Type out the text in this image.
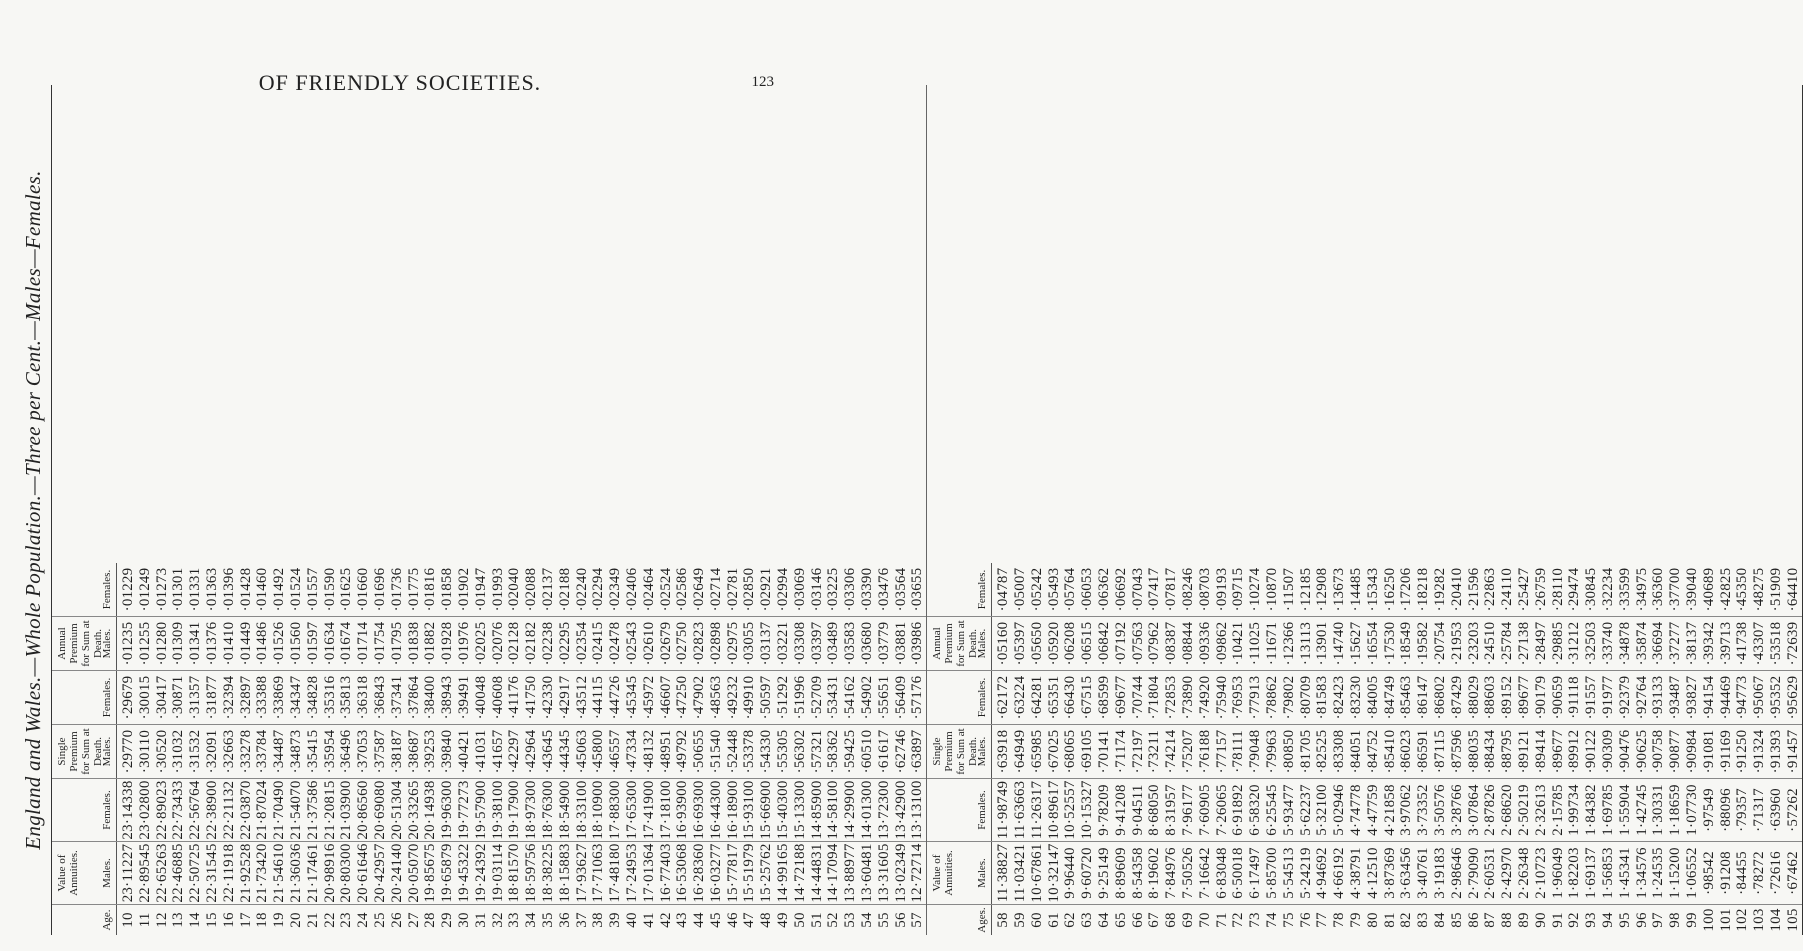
OF FRIENDLY SOCIETIES.	123
England and Wales.—Whole Population.—Three per Cent.—Males—Females.
Age. 10 11 12 13 14 15 16 17 18 19 20 21 22 23 24 25 26 27 28 29 30 31 32 33 34 35 36 37 38 39 40 41 42 43 44 45 46 47 48 49 50 51 52 53 54 55 56 57
Value of Annuities. Males. 23·11227 22·89545 22·65263 22·46885 22·50725 22·31545 22·11918 21·92528 21·73420 21·54610 21·36036 21·17461 20·98916 20·80300 20·61646 20·42957 20·24140 20·05070 19·85675 19·65879 19·45322 19·24392 19·03114 18·81570 18·59756 18·38225 18·15883 17·93627 17·71063 17·48180 17·24953 17·01364 16·77403 16·53068 16·28360 16·03277 15·77817 15·51979 15·25762 14·99165 14·72188 14·44831 14·17094 13·88977 13·60481 13·31605 13·02349 12·72714
Females. 23·14338 23·02800 22·89023 22·73433 22·56764 22·38900 22·21132 22·03870 21·87024 21·70490 21·54070 21·37586 21·20815 21·03900 20·86560 20·69080 20·51304 20·33265 20·14938 19·96300 19·77273 19·57900 19·38100 19·17900 18·97300 18·76300 18·54900 18·33100 18·10900 17·88300 17·65300 17·41900 17·18100 16·93900 16·69300 16·44300 16·18900 15·93100 15·66900 15·40300 15·13300 14·85900 14·58100 14·29900 14·01300 13·72300 13·42900 13·13100
Single Premium for Sum at Death.
Males. ·29770 ·30110 ·30520 ·31032 ·31532 ·32091 ·32663 ·33278 ·33784 ·34487 ·34873 ·35415 ·35954 ·36496 ·37053 ·37587 ·38187 ·38687 ·39253 ·39840 ·40421 ·41031 ·41657 ·42297 ·42964 ·43645 ·44345 ·45063 ·45800 ·46557 ·47334 ·48132 ·48951 ·49792 ·50655 ·51540 ·52448 ·53378 ·54330 ·55305 ·56302 ·57321 ·58362 ·59425 ·60510 ·61617 ·62746 ·63897
Females. ·29679 ·30015 ·30417 ·30871 ·31357 ·31877 ·32394 ·32897 ·33388 ·33869 ·34347 ·34828 ·35316 ·35813 ·36318 ·36843 ·37341 ·37864 ·38400 ·38943 ·39491 ·40048 ·40608 ·41176 ·41750 ·42330 ·42917 ·43512 ·44115 ·44726 ·45345 ·45972 ·46607 ·47250 ·47902 ·48563 ·49232 ·49910 ·50597 ·51292 ·51996 ·52709 ·53431 ·54162 ·54902 ·55651 ·56409 ·57176
Annual Premium for Sum at Death.
Males. ·01235 ·01255 ·01280 ·01309 ·01341 ·01376 ·01410 ·01449 ·01486 ·01526 ·01560 ·01597 ·01634 ·01674 ·01714 ·01754 ·01795 ·01838 ·01882 ·01928 ·01976 ·02025 ·02076 ·02128 ·02182 ·02238 ·02295 ·02354 ·02415 ·02478 ·02543 ·02610 ·02679 ·02750 ·02823 ·02898 ·02975 ·03055 ·03137 ·03221 ·03308 ·03397 ·03489 ·03583 ·03680 ·03779 ·03881 ·03986
Females. ·01229 ·01249 ·01273 ·01301 ·01331 ·01363 ·01396 ·01428 ·01460 ·01492 ·01524 ·01557 ·01590 ·01625 ·01660 ·01696 ·01736 ·01775 ·01816 ·01858 ·01902 ·01947 ·01993 ·02040 ·02088 ·02137 ·02188 ·02240 ·02294 ·02349 ·02406 ·02464 ·02524 ·02586 ·02649 ·02714 ·02781 ·02850 ·02921 ·02994 ·03069 ·03146 ·03225 ·03306 ·03390 ·03476 ·03564 ·03655
Ages. 58 59 60 61 62 63 64 65 66 67 68 69 70 71 72 73 74 75 76 77 78 79 80 81 82 83 84 85 86 87 88 89 90 91 92 93 94 95 96 97 98 99 100 101 102 103 104 105
Value of Annuities. Males. 11·38827 11·03421 10·67861 10·32147 9·96440 9·60720 9·25149 8·89609 8·54358 8·19602 7·84976 7·50526 7·16642 6·83048 6·50018 6·17497 5·85700 5·54513 5·24219 4·94692 4·66192 4·38791 4·12510 3·87369 3·63456 3·40761 3·19183 2·98646 2·79090 2·60531 2·42970 2·26348 2·10723 1·96049 1·82203 1·69137 1·56853 1·45341 1·34576 1·24535 1·15200 1·06552 ·98542 ·91208 ·84455 ·78272 ·72616 ·67462
Females. 11·98749 11·63663 11·26317 10·89617 10·52557 10·15327 9·78209 9·41208 9·04511 8·68050 8·31957 7·96177 7·60905 7·26065 6·91892 6·58320 6·25545 5·93477 5·62237 5·32100 5·02946 4·74778 4·47759 4·21858 3·97062 3·73352 3·50576 3·28766 3·07864 2·87826 2·68620 2·50219 2·32613 2·15785 1·99734 1·84382 1·69785 1·55904 1·42745 1·30331 1·18659 1·07730 ·97549 ·88096 ·79357 ·71317 ·63960 ·57262
Single Premium for Sum at Death.
Males. ·63918 ·64949 ·65985 ·67025 ·68065 ·69105 ·70141 ·71174 ·72197 ·73211 ·74214 ·75207 ·76188 ·77157 ·78111 ·79048 ·79963 ·80850 ·81705 ·82525 ·83308 ·84051 ·84752 ·85410 ·86023 ·86591 ·87115 ·87596 ·88035 ·88434 ·88795 ·89121 ·89414 ·89677 ·89912 ·90122 ·90309 ·90476 ·90625 ·90758 ·90877 ·90984 ·91081 ·91169 ·91250 ·91324 ·91393 ·91457
Females. ·62172 ·63224 ·64281 ·65351 ·66430 ·67515 ·68599 ·69677 ·70744 ·71804 ·72853 ·73890 ·74920 ·75940 ·76953 ·77913 ·78862 ·79802 ·80709 ·81583 ·82423 ·83230 ·84005 ·84749 ·85463 ·86147 ·86802 ·87429 ·88029 ·88603 ·89152 ·89677 ·90179 ·90659 ·91118 ·91557 ·91977 ·92379 ·92764 ·93133 ·93487 ·93827 ·94154 ·94469 ·94773 ·95067 ·95352 ·95629
Annual Premium for Sum at Death.
Males. ·05160 ·05397 ·05650 ·05920 ·06208 ·06515 ·06842 ·07192 ·07563 ·07962 ·08387 ·08844 ·09336 ·09862 ·10421 ·11025 ·11671 ·12366 ·13113 ·13901 ·14740 ·15627 ·16554 ·17530 ·18549 ·19582 ·20754 ·21953 ·23203 ·24510 ·25784 ·27138 ·28497 ·29885 ·31212 ·32503 ·33740 ·34878 ·35874 ·36694 ·37277 ·38137 ·39342 ·39713 ·41738 ·43307 ·53518 ·72639
Females. ·04787 ·05007 ·05242 ·05493 ·05764 ·06053 ·06362 ·06692 ·07043 ·07417 ·07817 ·08246 ·08703 ·09193 ·09715 ·10274 ·10870 ·11507 ·12185 ·12908 ·13673 ·14485 ·15343 ·16250 ·17206 ·18218 ·19282 ·20410 ·21596 ·22863 ·24110 ·25427 ·26759 ·28110 ·29474 ·30845 ·32234 ·33599 ·34975 ·36360 ·37700 ·39040 ·40689 ·42825 ·45350 ·48275 ·51909 ·64410
